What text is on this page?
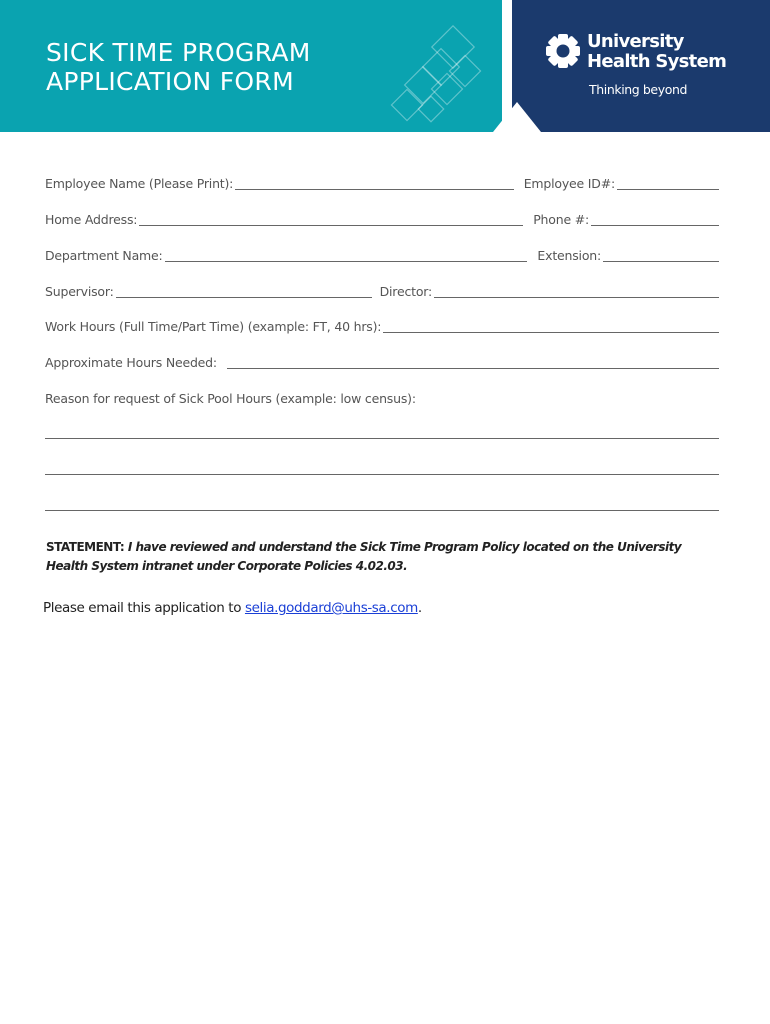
SICK TIME PROGRAM
APPLICATION FORM
University
Health System
Thinking beyond
Employee Name (Please Print):	Employee ID#:
Home Address:	Phone #:
Department Name:	Extension:
Supervisor:	Director:
Work Hours (Full Time/Part Time) (example: FT, 40 hrs):
Approximate Hours Needed:
Reason for request of Sick Pool Hours (example: low census):
STATEMENT: I have reviewed and understand the Sick Time Program Policy located on the University Health System intranet under Corporate Policies 4.02.03.
Please email this application to selia.goddard@uhs-sa.com.
